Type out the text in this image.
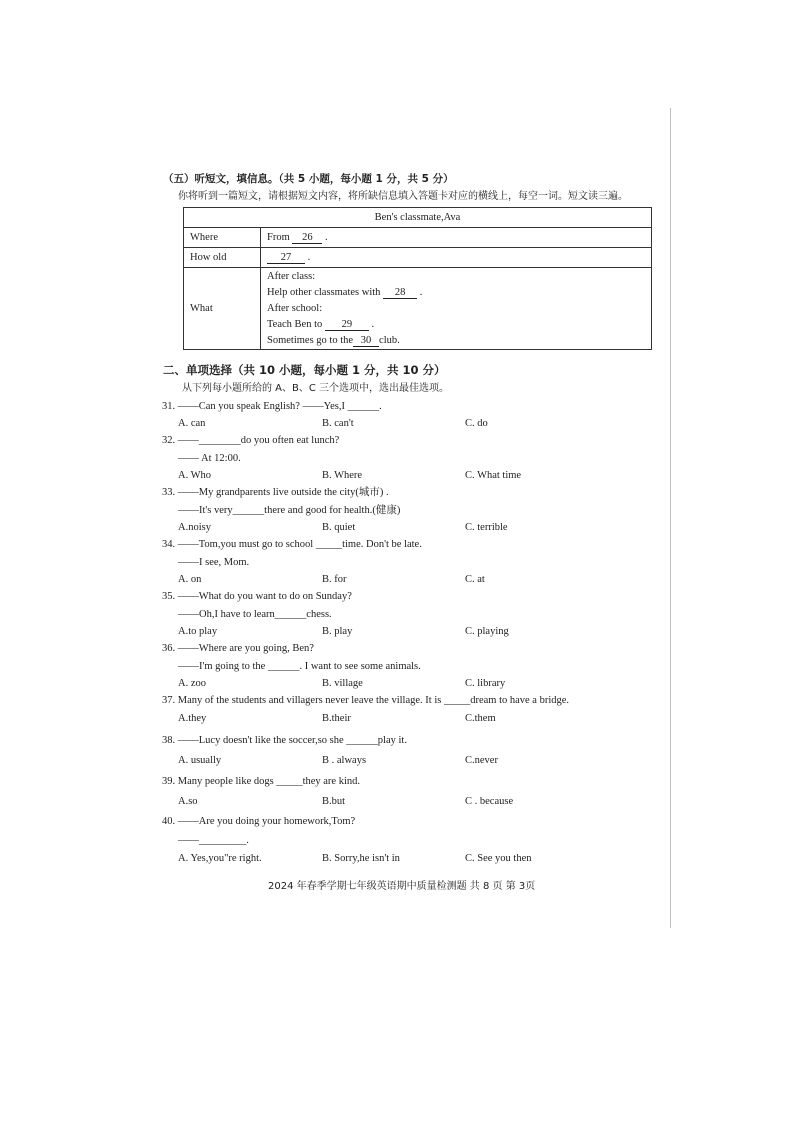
（五）听短文，填信息。（共 5 小题，每小题 1 分，共 5 分）
你将听到一篇短文，请根据短文内容，将所缺信息填入答题卡对应的横线上，每空一词。短文读三遍。
Ben's classmate,Ava	
Where	From 26 .
How old	27 .
What	After class:
Help other classmates with 28 .
After school:
Teach Ben to 29 .
Sometimes go to the 30 club.
二、单项选择（共 10 小题，每小题 1 分，共 10 分）
从下列每小题所给的 A、B、C 三个选项中，选出最佳选项。
31. ——Can you speak English? ——Yes,I ______.
A. can	B. can't	C. do
32. ——________do you often eat lunch?
—— At 12:00.
A. Who	B. Where	C. What time
33. ——My grandparents live outside the city(城市) .
——It's very______there and good for health.(健康)
A.noisy	B. quiet	C. terrible
34. ——Tom,you must go to school _____time. Don't be late.
——I see, Mom.
A. on	B. for	C. at
35. ——What do you want to do on Sunday?
——Oh,I have to learn______chess.
A.to play	B. play	C. playing
36. ——Where are you going, Ben?
——I'm going to the ______. I want to see some animals.
A. zoo	B. village	C. library
37. Many of the students and villagers never leave the village. It is _____dream to have a bridge.
A.they	B.their	C.them
38. ——Lucy doesn't like the soccer,so she ______play it.
A. usually	B . always	C.never
39. Many people like dogs _____they are kind.
A.so	B.but	C . because
40. ——Are you doing your homework,Tom?
——_________.
A. Yes,you"re right.	B. Sorry,he isn't in	C. See you then
2024 年春季学期七年级英语期中质量检测题 共 8 页 第 3页
